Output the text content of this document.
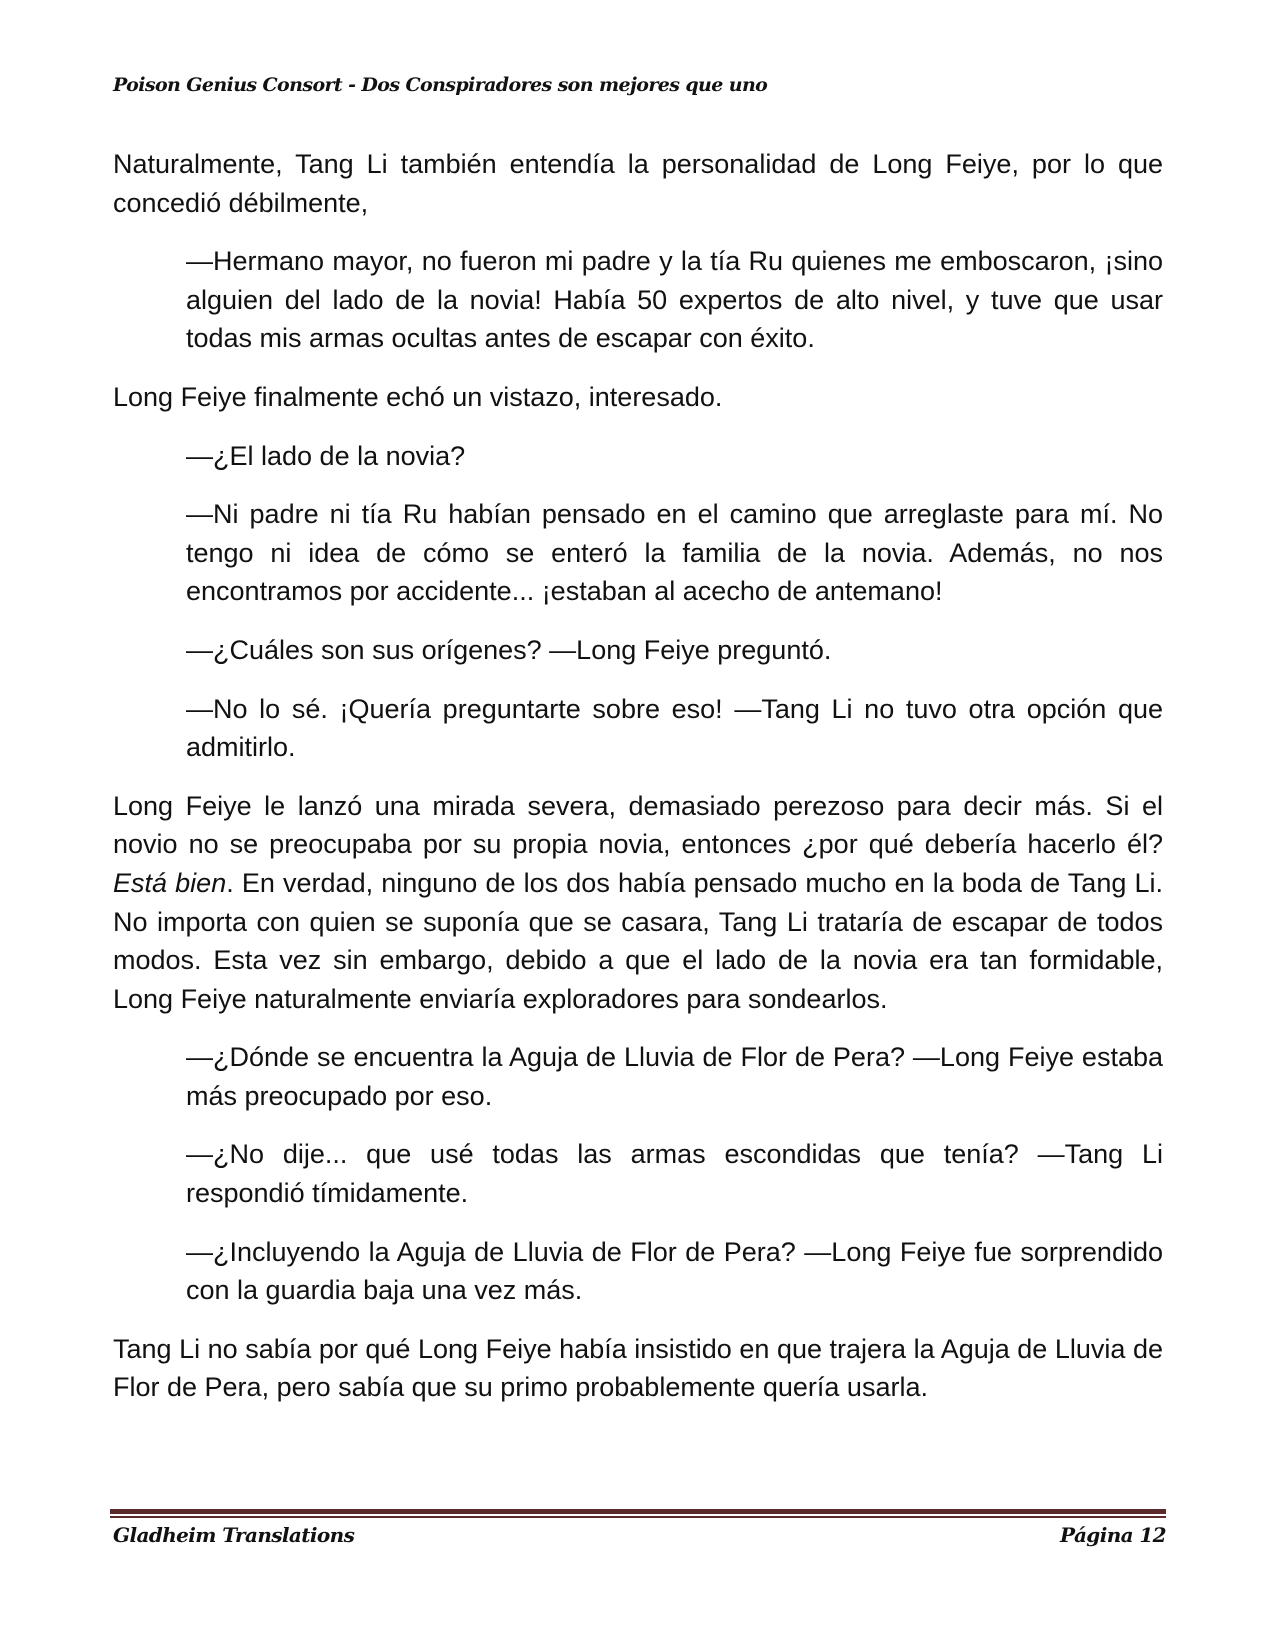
Poison Genius Consort - Dos Conspiradores son mejores que uno

Naturalmente, Tang Li también entendía la personalidad de Long Feiye, por lo que concedió débilmente,

—Hermano mayor, no fueron mi padre y la tía Ru quienes me emboscaron, ¡sino alguien del lado de la novia! Había 50 expertos de alto nivel, y tuve que usar todas mis armas ocultas antes de escapar con éxito.

Long Feiye finalmente echó un vistazo, interesado.

—¿El lado de la novia?

—Ni padre ni tía Ru habían pensado en el camino que arreglaste para mí. No tengo ni idea de cómo se enteró la familia de la novia. Además, no nos encontramos por accidente... ¡estaban al acecho de antemano!

—¿Cuáles son sus orígenes? —Long Feiye preguntó.

—No lo sé. ¡Quería preguntarte sobre eso! —Tang Li no tuvo otra opción que admitirlo.

Long Feiye le lanzó una mirada severa, demasiado perezoso para decir más. Si el novio no se preocupaba por su propia novia, entonces ¿por qué debería hacerlo él? Está bien. En verdad, ninguno de los dos había pensado mucho en la boda de Tang Li. No importa con quien se suponía que se casara, Tang Li trataría de escapar de todos modos. Esta vez sin embargo, debido a que el lado de la novia era tan formidable, Long Feiye naturalmente enviaría exploradores para sondearlos.

—¿Dónde se encuentra la Aguja de Lluvia de Flor de Pera? —Long Feiye estaba más preocupado por eso.

—¿No dije... que usé todas las armas escondidas que tenía? —Tang Li respondió tímidamente.

—¿Incluyendo la Aguja de Lluvia de Flor de Pera? —Long Feiye fue sorprendido con la guardia baja una vez más.

Tang Li no sabía por qué Long Feiye había insistido en que trajera la Aguja de Lluvia de Flor de Pera, pero sabía que su primo probablemente quería usarla.

Gladheim Translations	Página 12
